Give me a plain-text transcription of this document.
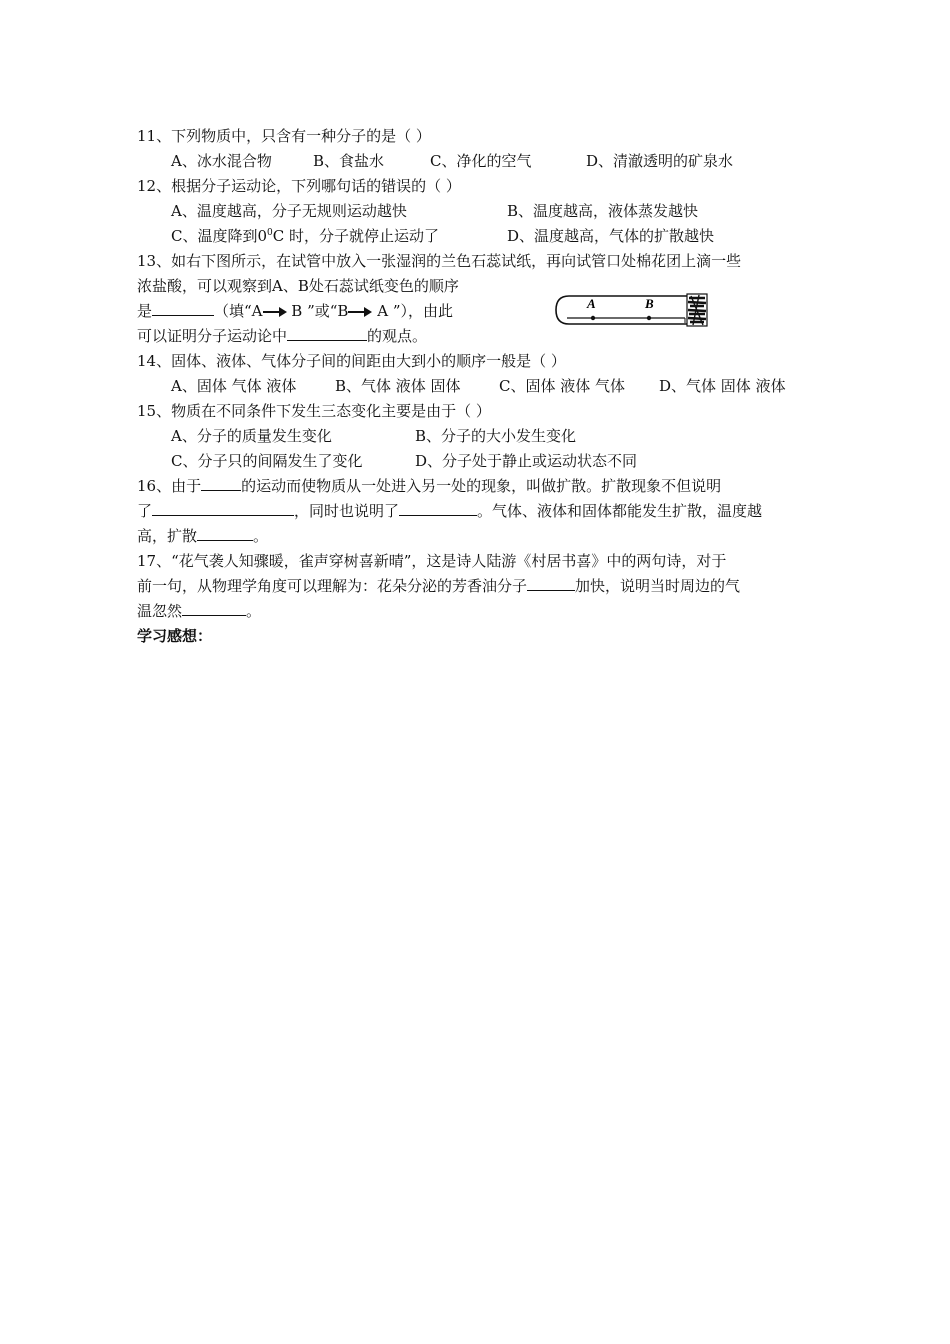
11、下列物质中，只含有一种分子的是（ ）
A、冰水混合物	B、食盐水	C、净化的空气	D、清澈透明的矿泉水
12、根据分子运动论，下列哪句话的错误的（ ）
A、温度越高，分子无规则运动越快	B、温度越高，液体蒸发越快
C、温度降到$0^0C$ 时，分子就停止运动了	D、温度越高，气体的扩散越快
13、如右下图所示，在试管中放入一张湿润的兰色石蕊试纸，再向试管口处棉花团上滴一些
浓盐酸，可以观察到A、B处石蕊试纸变色的顺序
是	（填“A B ”或“B A ”），由此
可以证明分子运动论中	的观点。
14、固体、液体、气体分子间的间距由大到小的顺序一般是（ ）
A、固体 气体 液体	B、气体 液体 固体	C、固体 液体 气体 D、气体 固体 液体
15、物质在不同条件下发生三态变化主要是由于（ ）
A、分子的质量发生变化	B、分子的大小发生变化
C、分子只的间隔发生了变化	D、分子处于静止或运动状态不同
16、由于	的运动而使物质从一处进入另一处的现象，叫做扩散。扩散现象不但说明
了	，同时也说明了	。气体、液体和固体都能发生扩散，温度越
高，扩散	。
17、“花气袭人知骤暖，雀声穿树喜新晴”，这是诗人陆游《村居书喜》中的两句诗，对于
前一句，从物理学角度可以理解为：花朵分泌的芳香油分子	加快，说明当时周边的气
温忽然	。
学习感想：
A	B
